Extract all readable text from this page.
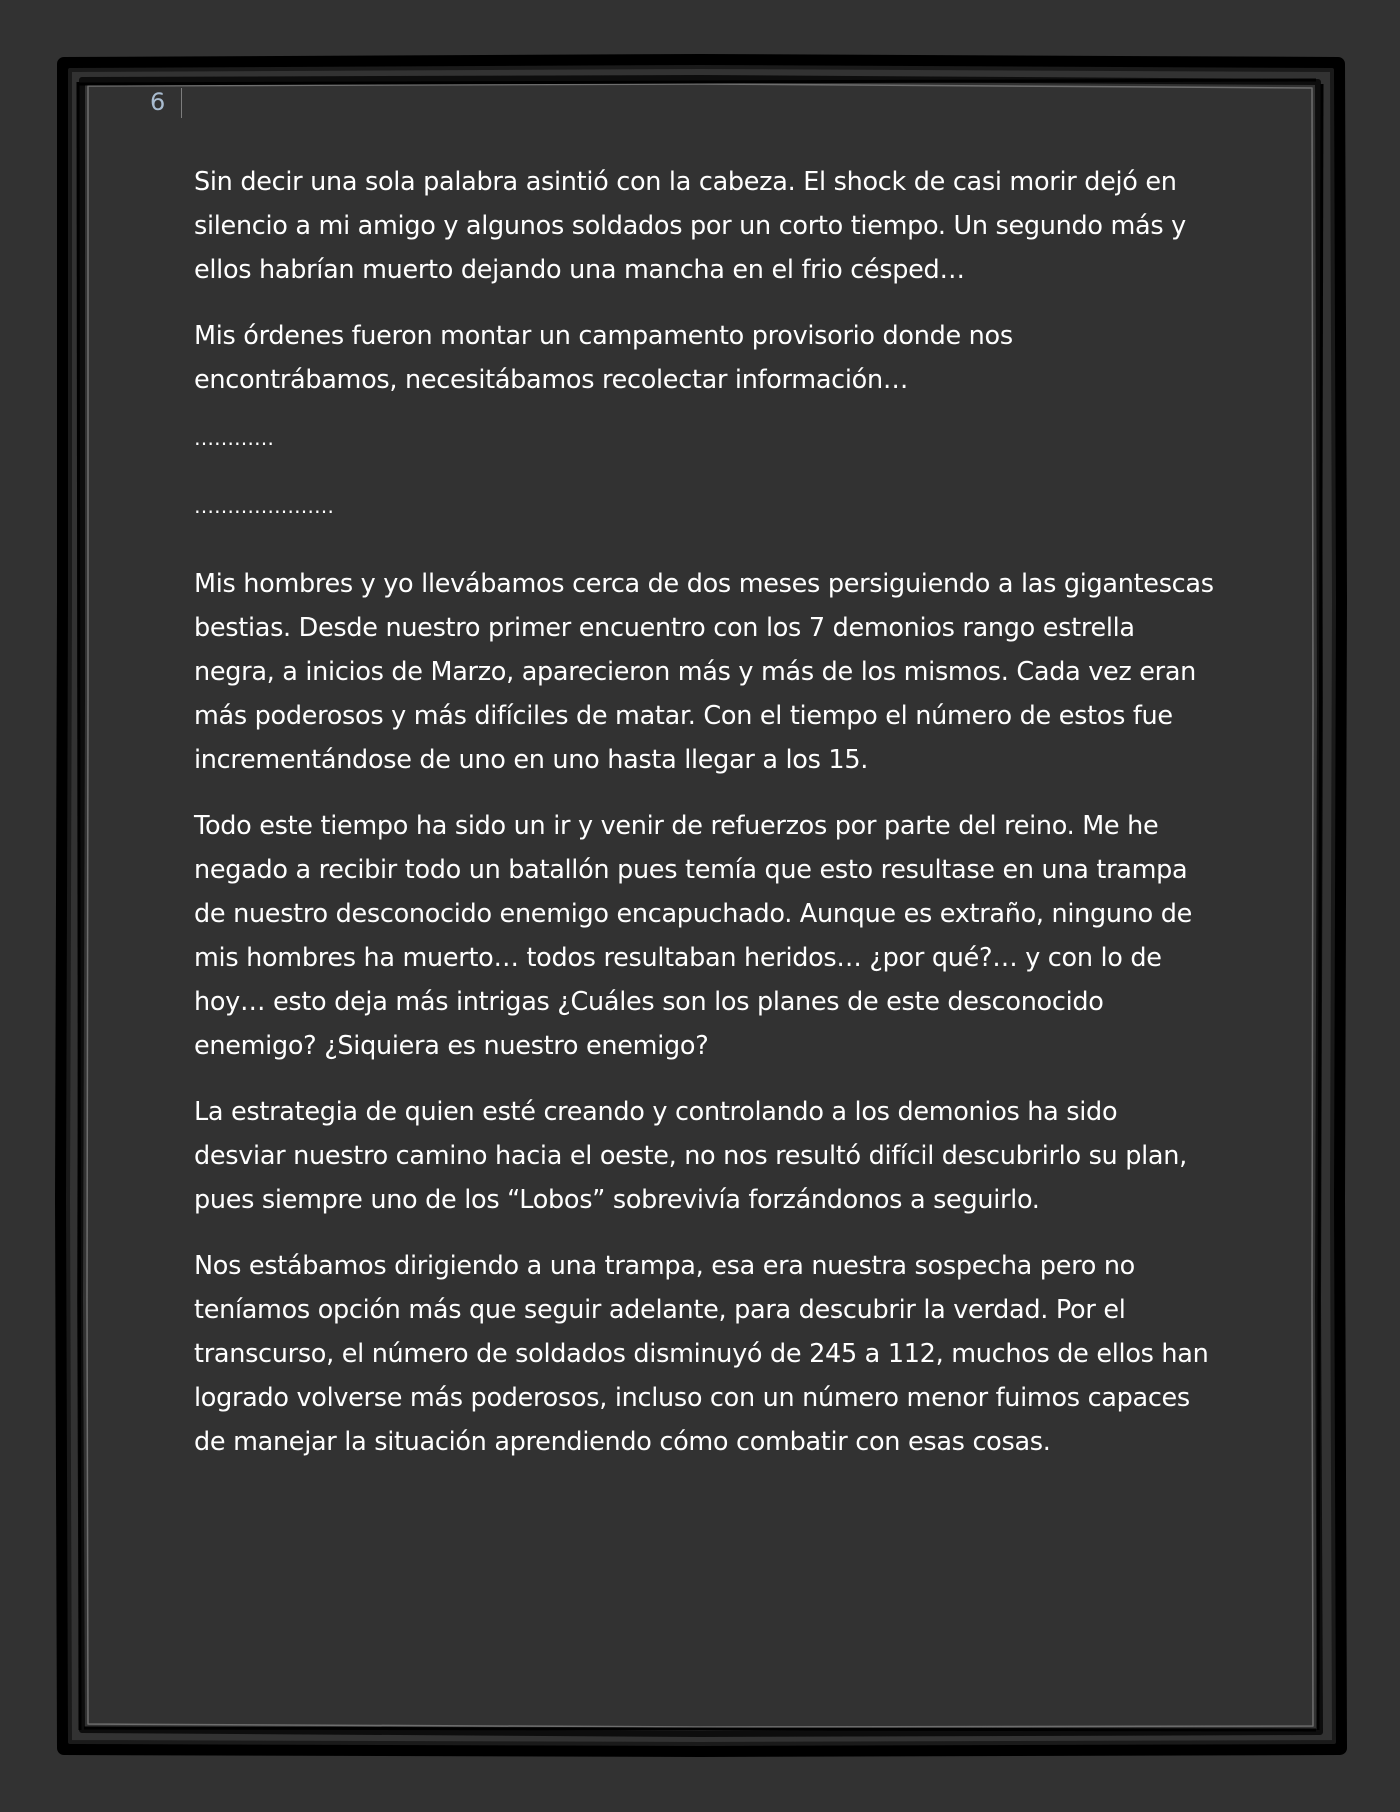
6

Sin decir una sola palabra asintió con la cabeza. El shock de casi morir dejó en silencio a mi amigo y algunos soldados por un corto tiempo. Un segundo más y ellos habrían muerto dejando una mancha en el frio césped…

Mis órdenes fueron montar un campamento provisorio donde nos encontrábamos, necesitábamos recolectar información…

…………

…………………

Mis hombres y yo llevábamos cerca de dos meses persiguiendo a las gigantescas bestias. Desde nuestro primer encuentro con los 7 demonios rango estrella negra, a inicios de Marzo, aparecieron más y más de los mismos. Cada vez eran más poderosos y más difíciles de matar. Con el tiempo el número de estos fue incrementándose de uno en uno hasta llegar a los 15.

Todo este tiempo ha sido un ir y venir de refuerzos por parte del reino. Me he negado a recibir todo un batallón pues temía que esto resultase en una trampa de nuestro desconocido enemigo encapuchado. Aunque es extraño, ninguno de mis hombres ha muerto… todos resultaban heridos… ¿por qué?… y con lo de hoy… esto deja más intrigas ¿Cuáles son los planes de este desconocido enemigo? ¿Siquiera es nuestro enemigo?

La estrategia de quien esté creando y controlando a los demonios ha sido desviar nuestro camino hacia el oeste, no nos resultó difícil descubrirlo su plan, pues siempre uno de los “Lobos” sobrevivía forzándonos a seguirlo.

Nos estábamos dirigiendo a una trampa, esa era nuestra sospecha pero no teníamos opción más que seguir adelante, para descubrir la verdad. Por el transcurso, el número de soldados disminuyó de 245 a 112, muchos de ellos han logrado volverse más poderosos, incluso con un número menor fuimos capaces de manejar la situación aprendiendo cómo combatir con esas cosas.
